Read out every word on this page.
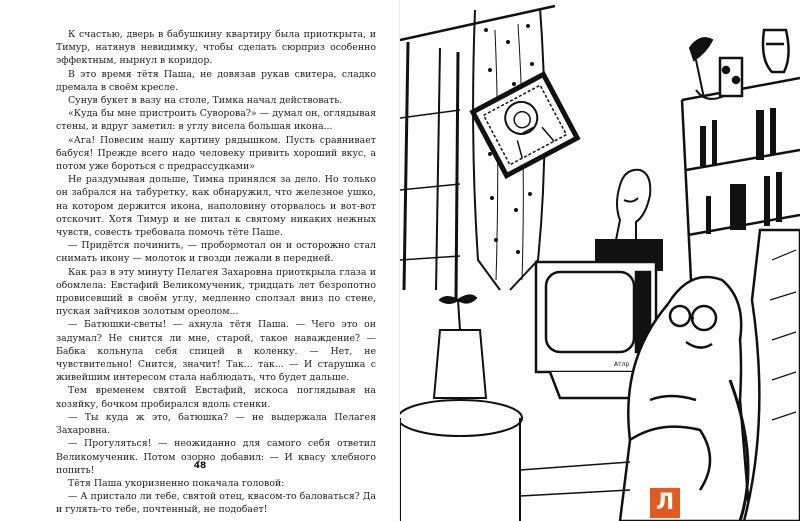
К счастью, дверь в бабушкину квартиру была приоткрыта, и Тимур, натянув невидимку, чтобы сделать сюрприз особенно эффектным, нырнул в коридор.

В это время тётя Паша, не довязав рукав свитера, сладко дремала в своём кресле.

Сунув букет в вазу на столе, Тимка начал действовать.

«Куда бы мне пристроить Суворова?» — думал он, оглядывая стены, и вдруг заметил: в углу висела большая икона...

«Ага! Повесим нашу картину рядышком. Пусть сравнивает бабуся! Прежде всего надо человеку привить хороший вкус, а потом уже бороться с предрассудками»

Не раздумывая дольше, Тимка принялся за дело. Но только он забрался на табуретку, как обнаружил, что железное ушко, на котором держится икона, наполовину оторвалось и вот-вот отскочит. Хотя Тимур и не питал к святому никаких нежных чувств, совесть требовала помочь тёте Паше.

— Придётся починить, — пробормотал он и осторожно стал снимать икону — молоток и гвозди лежали в передней.

Как раз в эту минуту Пелагея Захаровна приоткрыла глаза и обомлела: Евстафий Великомученик, тридцать лет безропотно провисевший в своём углу, медленно сползал вниз по стене, пуская зайчиков золотым ореолом...

— Батюшки-светы! — ахнула тётя Паша. — Чего это он задумал? Не снится ли мне, старой, такое наваждение? — Бабка кольнула себя спицей в коленку. — Нет, не чувствительно! Снится, значит! Так... так... — И старушка с живейшим интересом стала наблюдать, что будет дальше.

Тем временем святой Евстафий, искоса поглядывая на хозяйку, бочком пробирался вдоль стенки.

— Ты куда ж это, батюшка? — не выдержала Пелагея Захаровна.

— Прогуляться! — неожиданно для самого себя ответил Великомученик. Потом озорно добавил: — И квасу хлебного попить!

Тётя Паша укоризненно покачала головой:

— А пристало ли тебе, святой отец, квасом-то баловаться? Да и гулять-то тебе, почтенный, не подобает!

48
Атлр
Л
